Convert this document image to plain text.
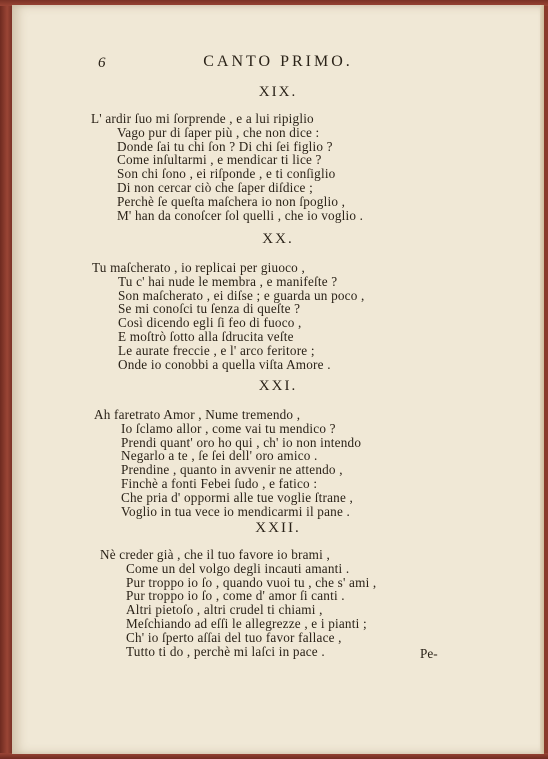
6	CANTO PRIMO.
XIX.
L' ardir ſuo mi ſorprende , e a lui ripiglio
Vago pur di ſaper più , che non dice :
Donde ſai tu chi ſon ? Di chi ſei figlio ?
Come inſultarmi , e mendicar ti lice ?
Son chi ſono , ei riſponde , e ti conſiglio
Di non cercar ciò che ſaper diſdice ;
Perchè ſe queſta maſchera io non ſpoglio ,
M' han da conoſcer ſol quelli , che io voglio .
XX.
Tu maſcherato , io replicai per giuoco ,
Tu c' hai nude le membra , e manifeſte ?
Son maſcherato , ei diſse ; e guarda un poco ,
Se mi conoſci tu ſenza di queſte ?
Così dicendo egli ſi feo di fuoco ,
E moſtrò ſotto alla ſdrucita veſte
Le aurate freccie , e l' arco feritore ;
Onde io conobbi a quella viſta Amore .
XXI.
Ah faretrato Amor , Nume tremendo ,
Io ſclamo allor , come vai tu mendico ?
Prendi quant' oro ho qui , ch' io non intendo
Negarlo a te , ſe ſei dell' oro amico .
Prendine , quanto in avvenir ne attendo ,
Finchè a fonti Febei ſudo , e fatico :
Che pria d' oppormi alle tue voglie ſtrane ,
Voglio in tua vece io mendicarmi il pane .
XXII.
Nè creder già , che il tuo favore io brami ,
Come un del volgo degli incauti amanti .
Pur troppo io ſo , quando vuoi tu , che s' ami ,
Pur troppo io ſo , come d' amor ſi canti .
Altri pietoſo , altri crudel ti chiami ,
Meſchiando ad eſſi le allegrezze , e i pianti ;
Ch' io ſperto aſſai del tuo favor fallace ,
Tutto ti do , perchè mi laſci in pace .	Pe-
